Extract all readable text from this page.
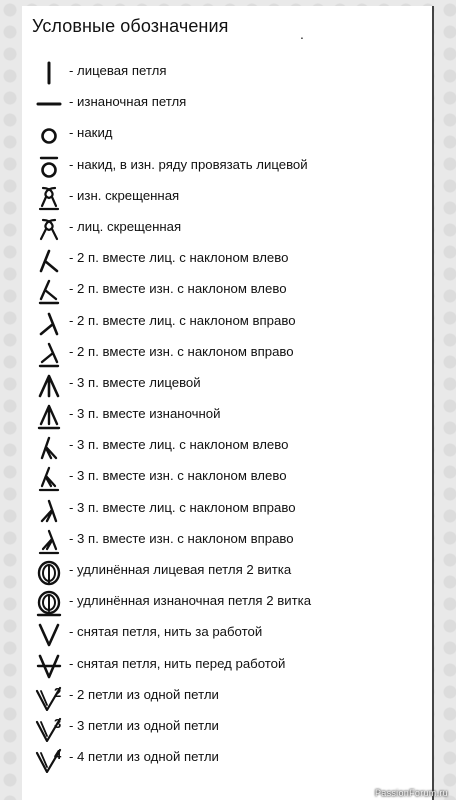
Условные обозначения	.
- лицевая петля
- изнаночная петля
- накид
- накид, в изн. ряду провязать лицевой
- изн. скрещенная
- лиц. скрещенная
- 2 п. вместе лиц. с наклоном влево
- 2 п. вместе изн. с наклоном влево
- 2 п. вместе лиц. с наклоном вправо
- 2 п. вместе изн. с наклоном вправо
- 3 п. вместе лицевой
- 3 п. вместе изнаночной
- 3 п. вместе лиц. с наклоном влево
- 3 п. вместе изн. с наклоном влево
- 3 п. вместе лиц. с наклоном вправо
- 3 п. вместе изн. с наклоном вправо
- удлинённая лицевая петля 2 витка
- удлинённая изнаночная петля 2 витка
- снятая петля, нить за работой
- снятая петля, нить перед работой
2 - 2 петли из одной петли
3 - 3 петли из одной петли
4 - 4 петли из одной петли
PassionForum.ru
